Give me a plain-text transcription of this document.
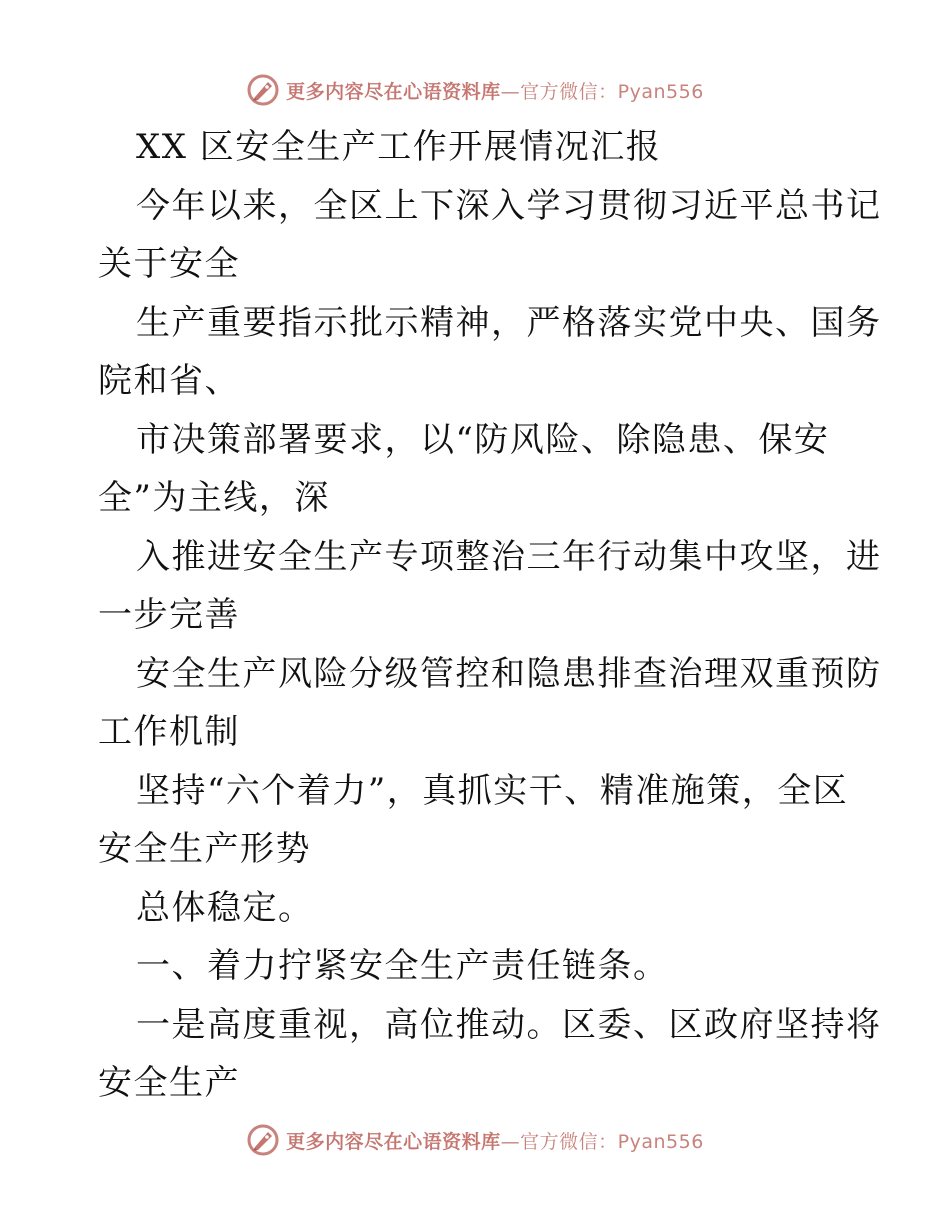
更多内容尽在心语资料库—官方微信：Pyan556
XX 区安全生产工作开展情况汇报
今年以来，全区上下深入学习贯彻习近平总书记
关于安全
生产重要指示批示精神，严格落实党中央、国务
院和省、
市决策部署要求，以“防风险、除隐患、保安
全”为主线，深
入推进安全生产专项整治三年行动集中攻坚，进
一步完善
安全生产风险分级管控和隐患排查治理双重预防
工作机制
坚持“六个着力”，真抓实干、精准施策，全区
安全生产形势
总体稳定。
一、着力拧紧安全生产责任链条。
一是高度重视，高位推动。区委、区政府坚持将
安全生产
更多内容尽在心语资料库—官方微信：Pyan556
